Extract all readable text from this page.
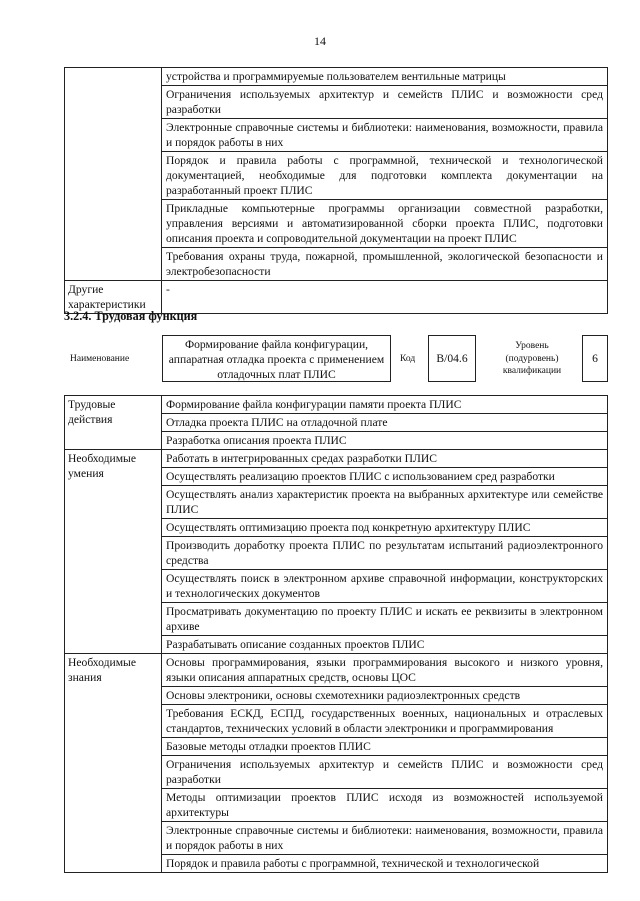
14
	устройства и программируемые пользователем вентильные матрицы
	Ограничения используемых архитектур и семейств ПЛИС и возможности сред разработки
	Электронные справочные системы и библиотеки: наименования, возможности, правила и порядок работы в них
	Порядок и правила работы с программной, технической и технологической документацией, необходимые для подготовки комплекта документации на разработанный проект ПЛИС
	Прикладные компьютерные программы организации совместной разработки, управления версиями и автоматизированной сборки проекта ПЛИС, подготовки описания проекта и сопроводительной документации на проект ПЛИС
	Требования охраны труда, пожарной, промышленной, экологической безопасности и электробезопасности
Другие характеристики	-
3.2.4. Трудовая функция
Наименование
Формирование файла конфигурации, аппаратная отладка проекта с применением отладочных плат ПЛИС
Код	B/04.6
Уровень (подуровень) квалификации
6
Трудовые действия	Формирование файла конфигурации памяти проекта ПЛИС
	Отладка проекта ПЛИС на отладочной плате
	Разработка описания проекта ПЛИС
Необходимые умения	Работать в интегрированных средах разработки ПЛИС
	Осуществлять реализацию проектов ПЛИС с использованием сред разработки
	Осуществлять анализ характеристик проекта на выбранных архитектуре или семействе ПЛИС
	Осуществлять оптимизацию проекта под конкретную архитектуру ПЛИС
	Производить доработку проекта ПЛИС по результатам испытаний радиоэлектронного средства
	Осуществлять поиск в электронном архиве справочной информации, конструкторских и технологических документов
	Просматривать документацию по проекту ПЛИС и искать ее реквизиты в электронном архиве
	Разрабатывать описание созданных проектов ПЛИС
Необходимые знания	Основы программирования, языки программирования высокого и низкого уровня, языки описания аппаратных средств, основы ЦОС
	Основы электроники, основы схемотехники радиоэлектронных средств
	Требования ЕСКД, ЕСПД, государственных военных, национальных и отраслевых стандартов, технических условий в области электроники и программирования
	Базовые методы отладки проектов ПЛИС
	Ограничения используемых архитектур и семейств ПЛИС и возможности сред разработки
	Методы оптимизации проектов ПЛИС исходя из возможностей используемой архитектуры
	Электронные справочные системы и библиотеки: наименования, возможности, правила и порядок работы в них
	Порядок и правила работы с программной, технической и технологической
